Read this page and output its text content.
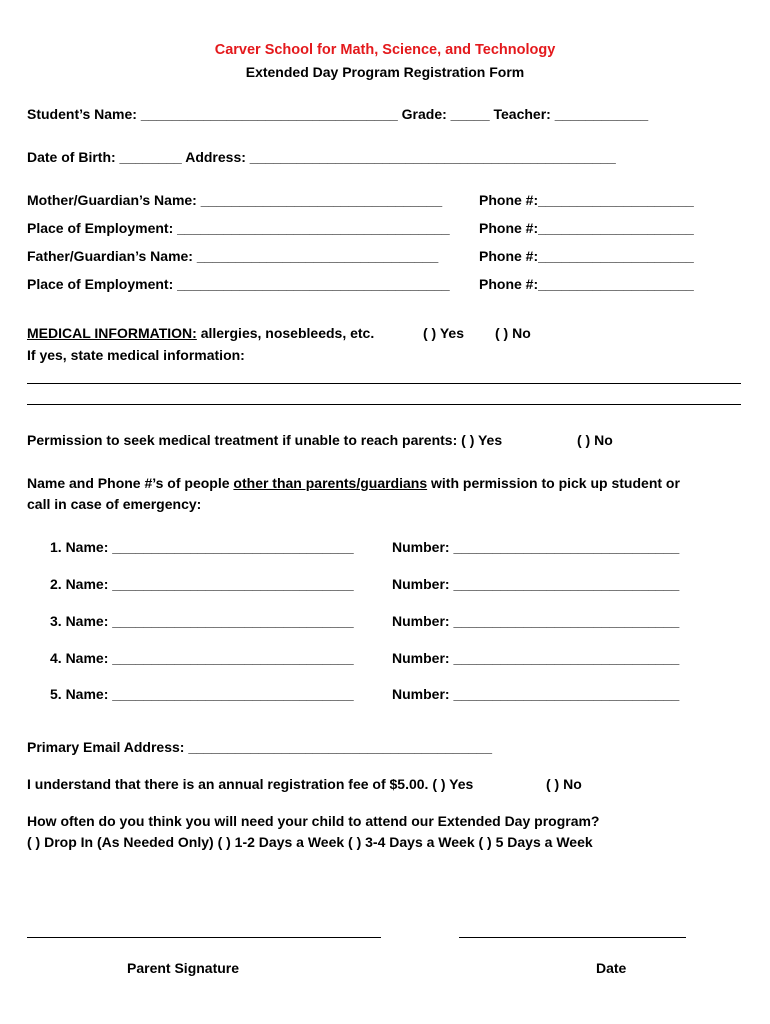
Carver School for Math, Science, and Technology
Extended Day Program Registration Form
Student’s Name: _________________________________ Grade: _____ Teacher: ____________
Date of Birth: ________ Address: _______________________________________________
Mother/Guardian’s Name: _______________________________	Phone #:____________________
Place of Employment: ___________________________________ Phone #:____________________
Father/Guardian’s Name: _______________________________	Phone #:____________________
Place of Employment: ___________________________________ Phone #:____________________
MEDICAL INFORMATION: allergies, nosebleeds, etc.	( ) Yes ( ) No
If yes, state medical information:
Permission to seek medical treatment if unable to reach parents: ( ) Yes	( ) No
Name and Phone #’s of people other than parents/guardians with permission to pick up student or
call in case of emergency:
1. Name: _______________________________	Number: _____________________________
2. Name: _______________________________	Number: _____________________________
3. Name: _______________________________	Number: _____________________________
4. Name: _______________________________	Number: _____________________________
5. Name: _______________________________	Number: _____________________________
Primary Email Address: _______________________________________
I understand that there is an annual registration fee of $5.00. ( ) Yes	( ) No
How often do you think you will need your child to attend our Extended Day program?
( ) Drop In (As Needed Only) ( ) 1-2 Days a Week ( ) 3-4 Days a Week ( ) 5 Days a Week
Parent Signature	Date
